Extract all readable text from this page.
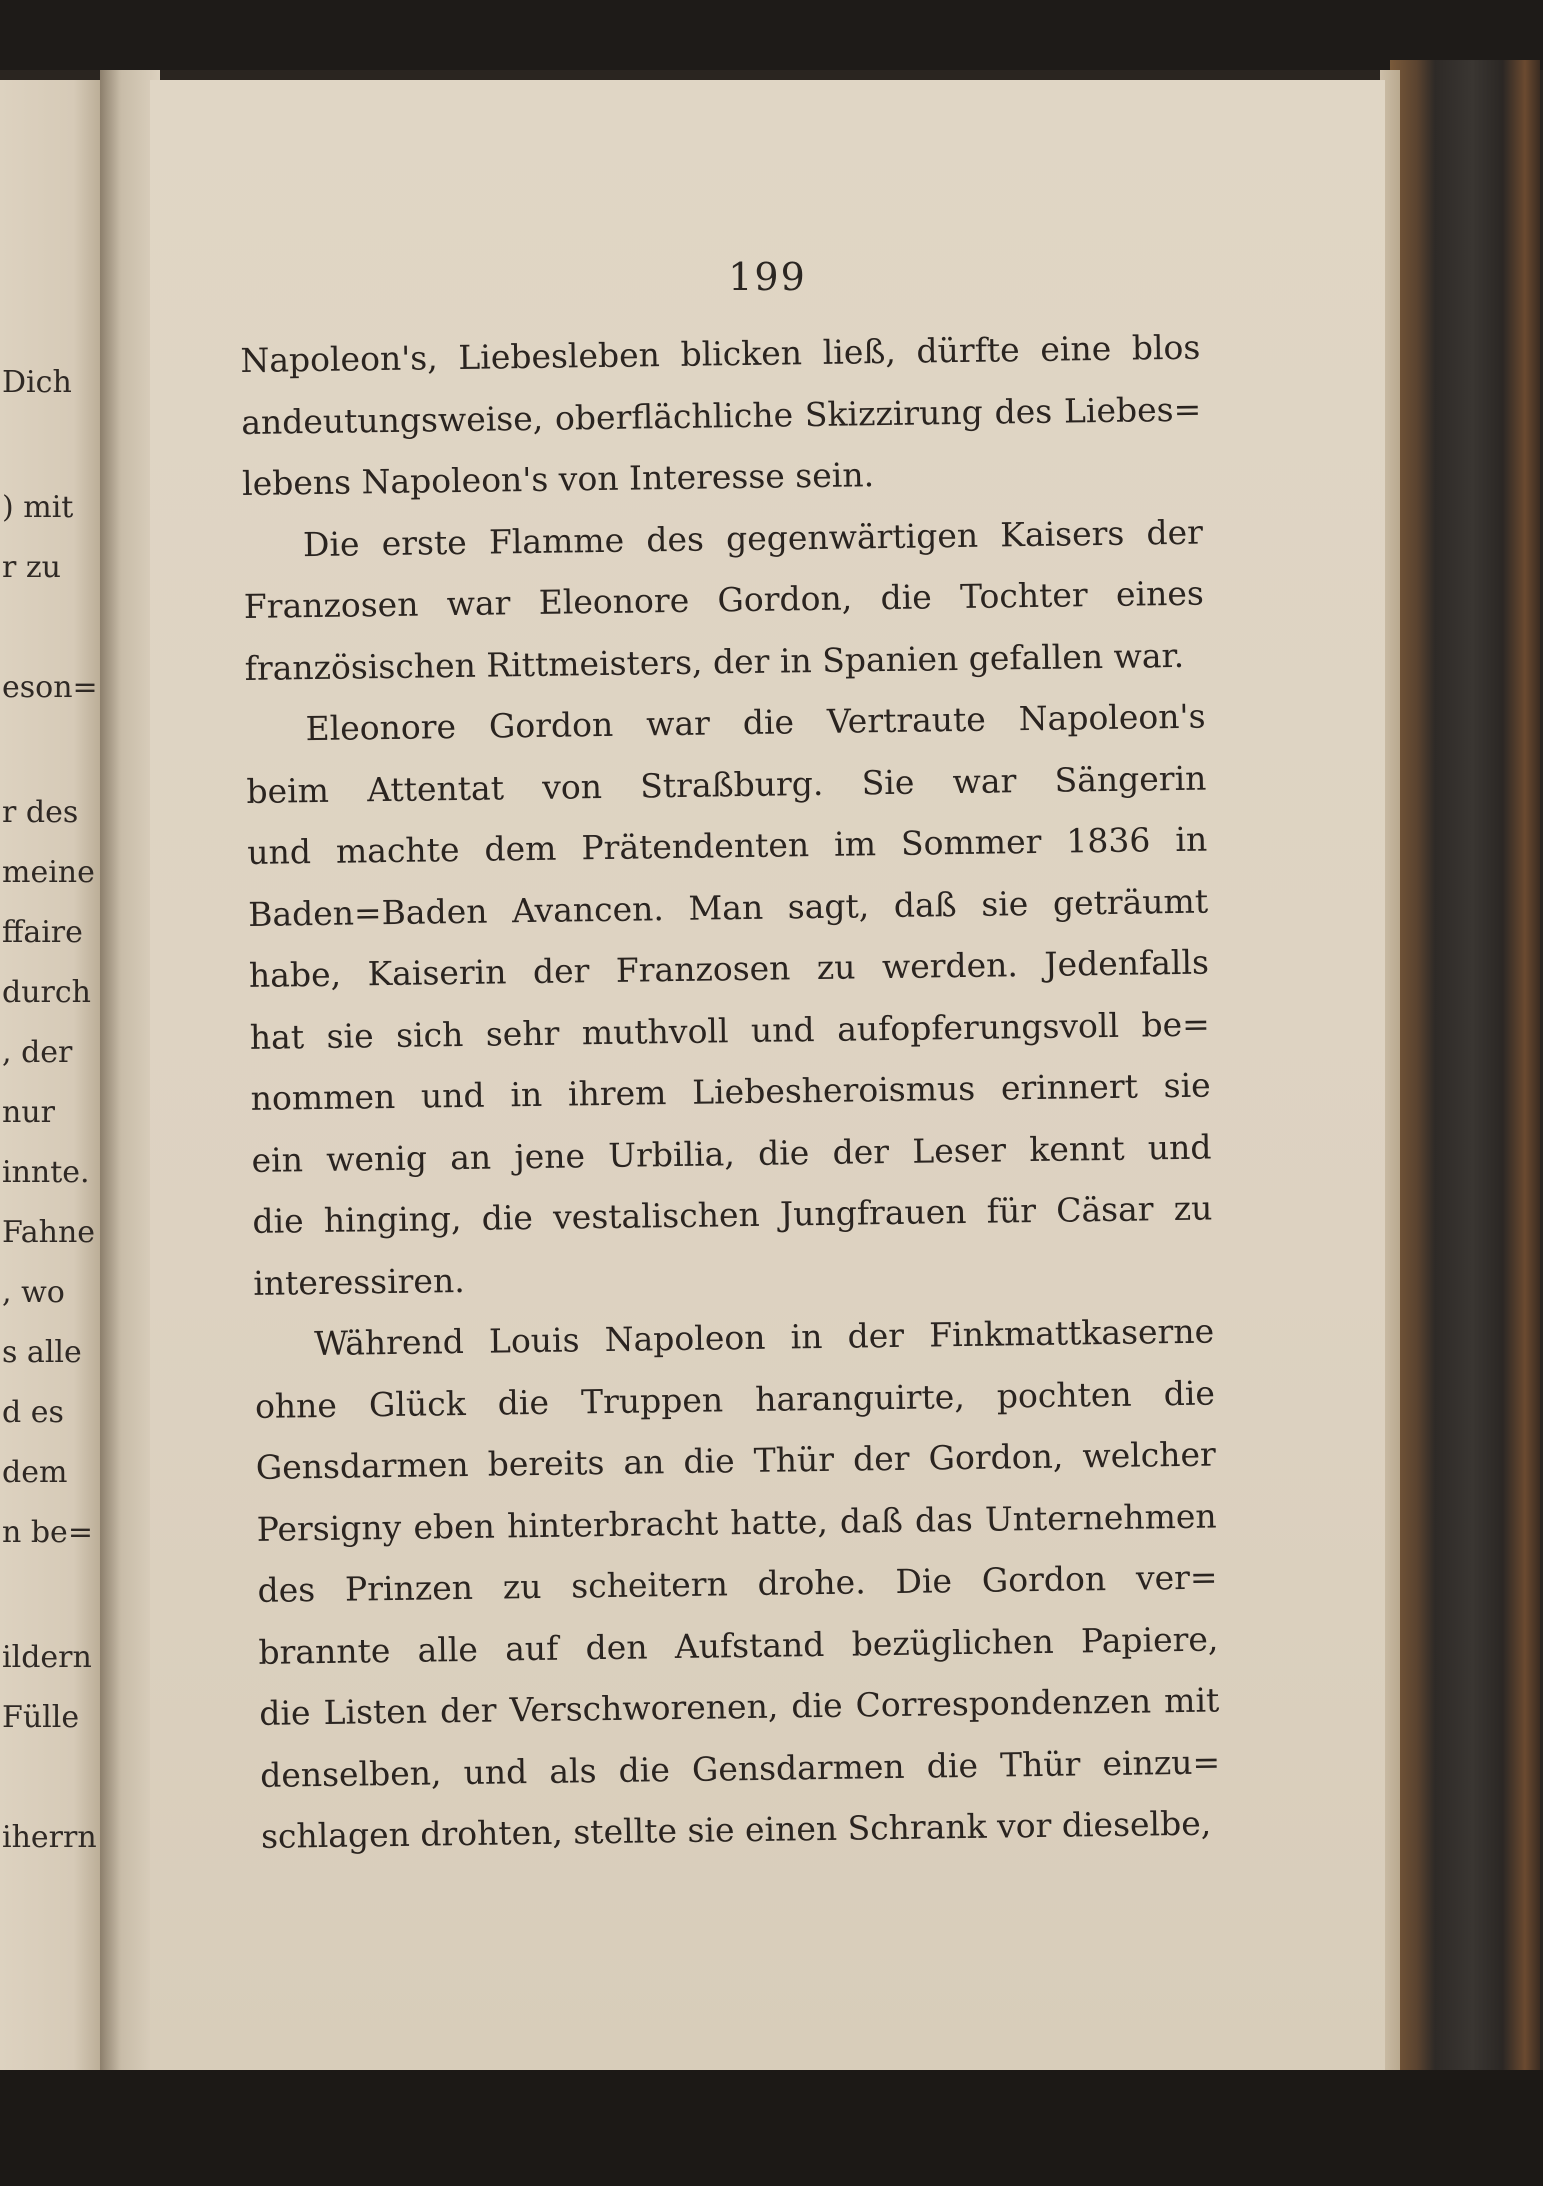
199
Napoleon's, Liebesleben blicken ließ, dürfte eine blos
andeutungsweise, oberflächliche Skizzirung des Liebes=
lebens Napoleon's von Interesse sein.
Die erste Flamme des gegenwärtigen Kaisers der
Franzosen war Eleonore Gordon, die Tochter eines
französischen Rittmeisters, der in Spanien gefallen war.
Eleonore Gordon war die Vertraute Napoleon's
beim Attentat von Straßburg. Sie war Sängerin
und machte dem Prätendenten im Sommer 1836 in
Baden=Baden Avancen. Man sagt, daß sie geträumt
habe, Kaiserin der Franzosen zu werden. Jedenfalls
hat sie sich sehr muthvoll und aufopferungsvoll be=
nommen und in ihrem Liebesheroismus erinnert sie
ein wenig an jene Urbilia, die der Leser kennt und
die hinging, die vestalischen Jungfrauen für Cäsar zu
interessiren.
Während Louis Napoleon in der Finkmattkaserne
ohne Glück die Truppen haranguirte, pochten die
Gensdarmen bereits an die Thür der Gordon, welcher
Persigny eben hinterbracht hatte, daß das Unternehmen
des Prinzen zu scheitern drohe. Die Gordon ver=
brannte alle auf den Aufstand bezüglichen Papiere,
die Listen der Verschworenen, die Correspondenzen mit
denselben, und als die Gensdarmen die Thür einzu=
schlagen drohten, stellte sie einen Schrank vor dieselbe,
Dich
) mit
r zu
eson=
r des
meine
ffaire
durch
, der
nur
innte.
Fahne
, wo
s alle
d es
dem
n be=
ildern
Fülle
iherrn
